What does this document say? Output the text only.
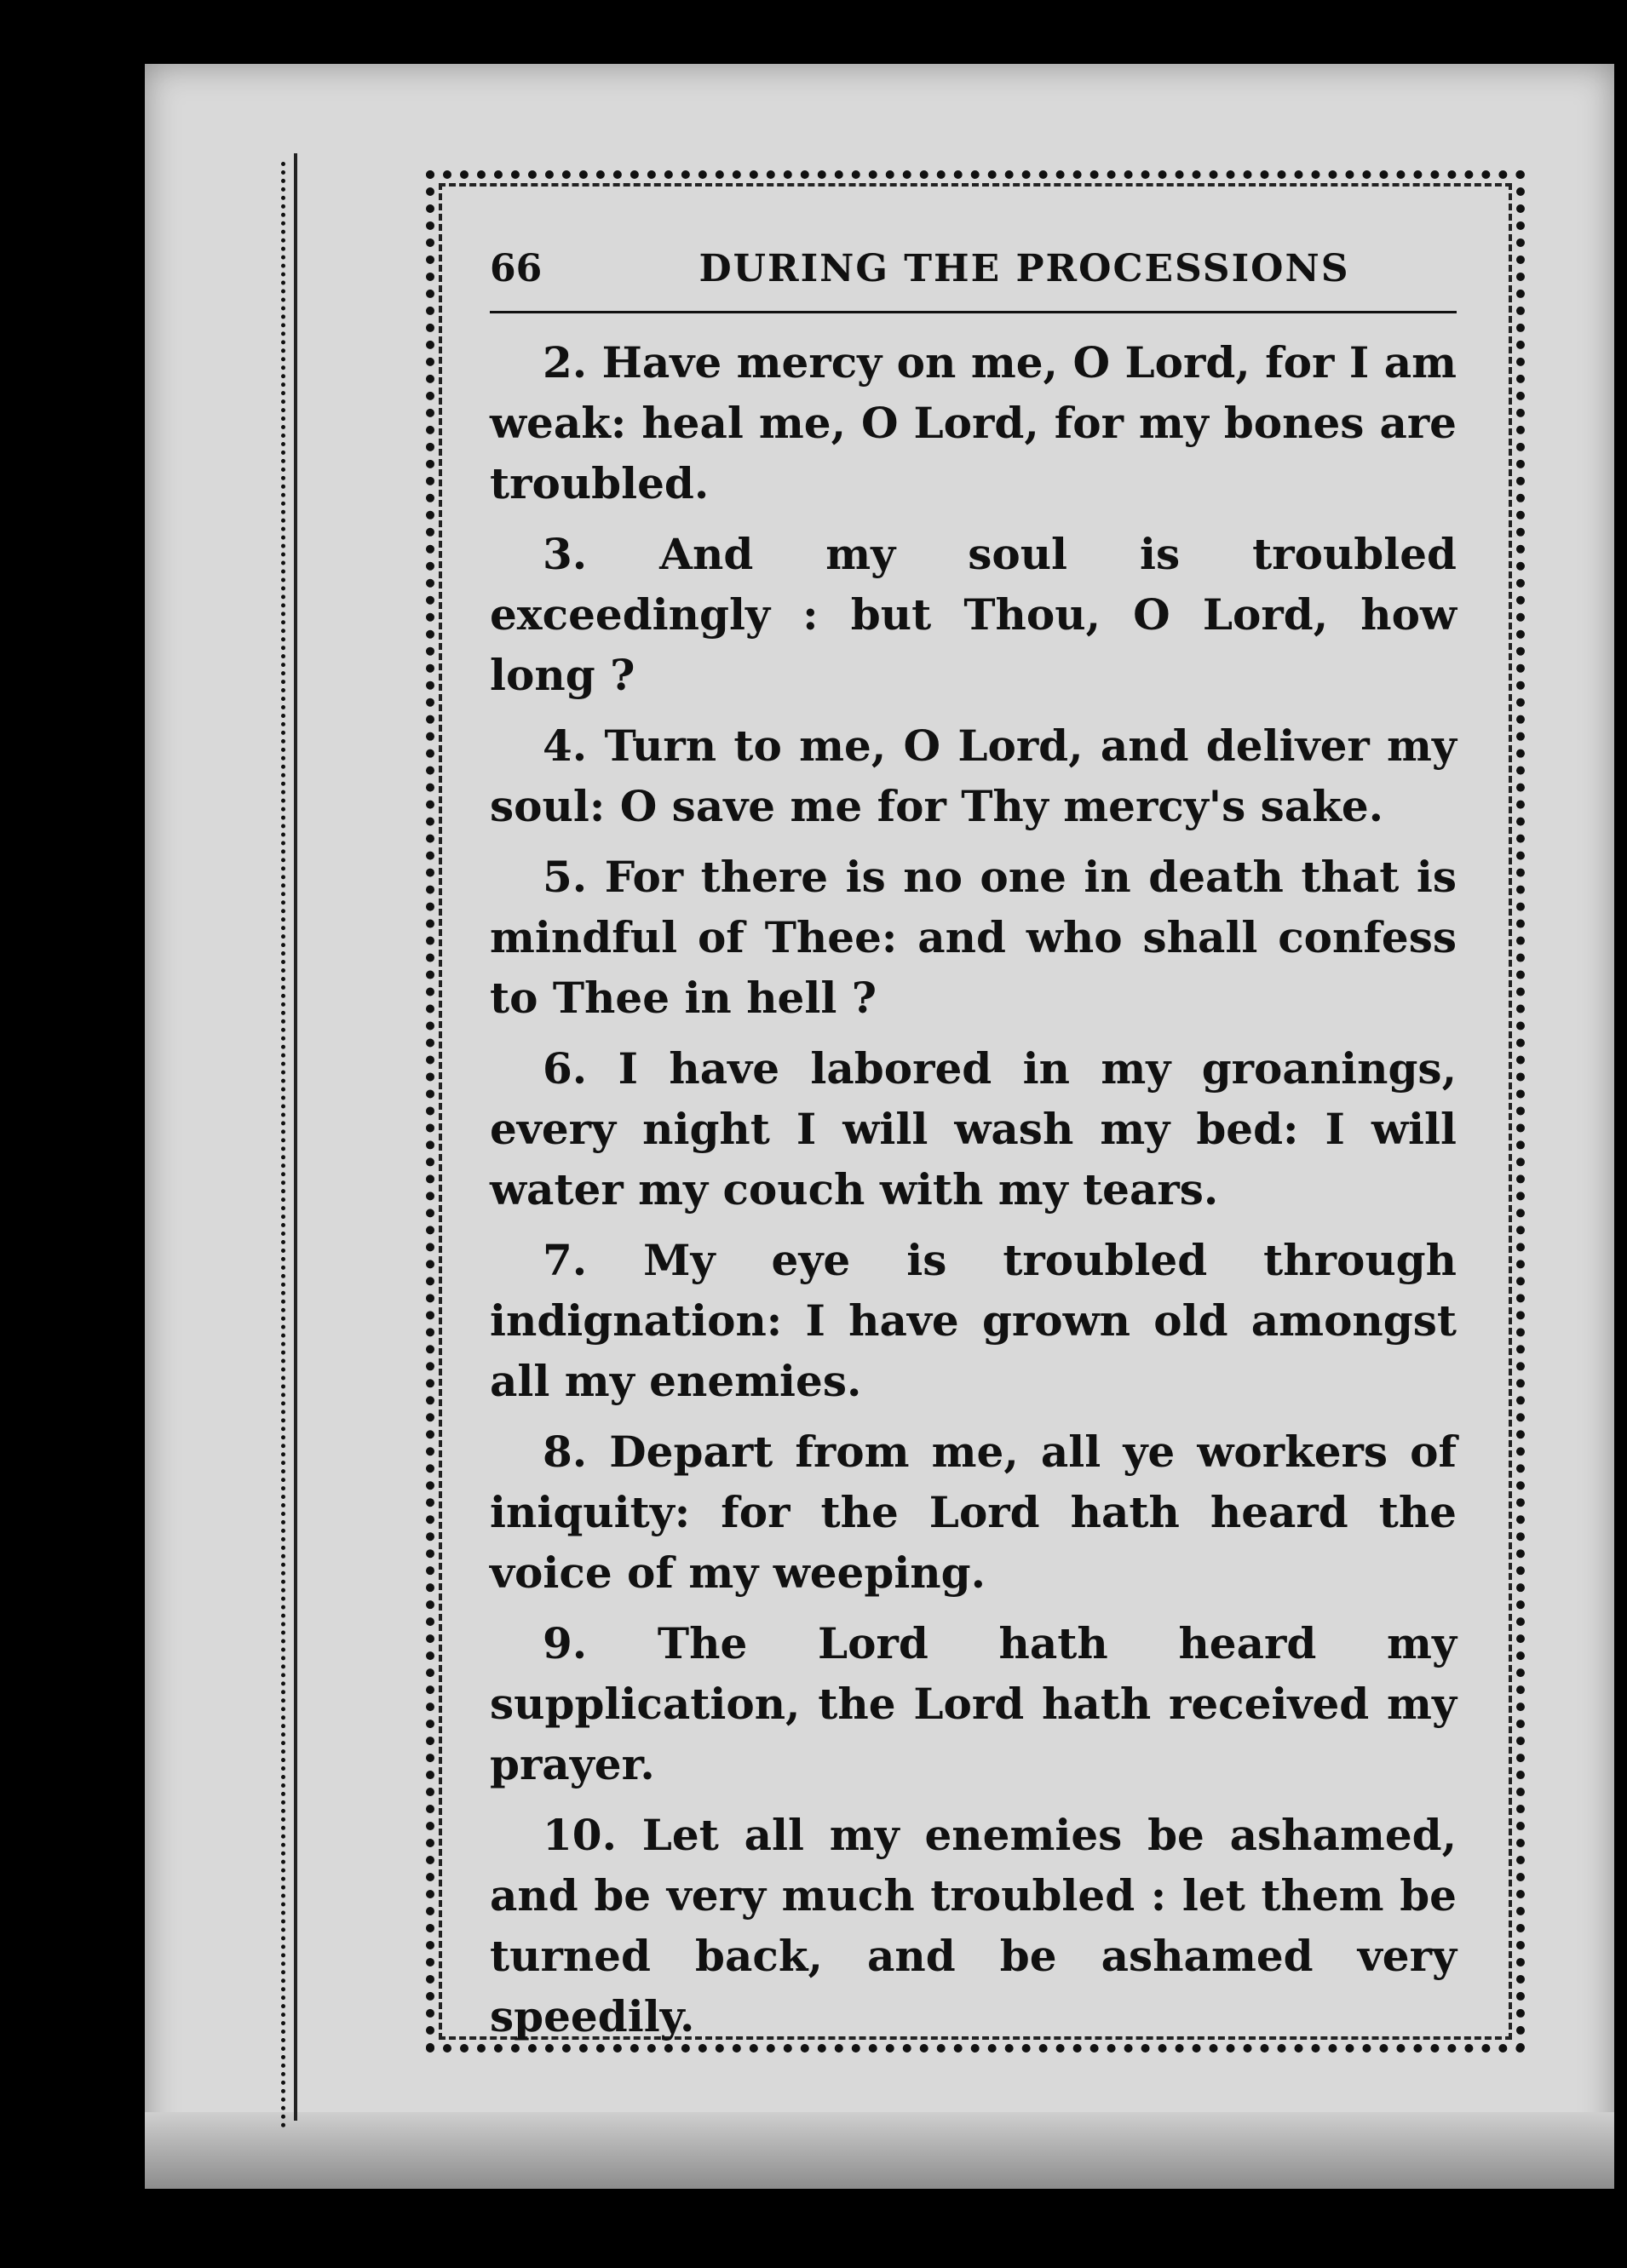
66	DURING THE PROCESSIONS

2. Have mercy on me, O Lord, for I am weak: heal me, O Lord, for my bones are troubled.

3. And my soul is troubled exceedingly : but Thou, O Lord, how long ?

4. Turn to me, O Lord, and deliver my soul: O save me for Thy mercy's sake.

5. For there is no one in death that is mindful of Thee: and who shall confess to Thee in hell ?

6. I have labored in my groanings, every night I will wash my bed: I will water my couch with my tears.

7. My eye is troubled through indignation: I have grown old amongst all my enemies.

8. Depart from me, all ye workers of iniquity: for the Lord hath heard the voice of my weeping.

9. The Lord hath heard my supplication, the Lord hath received my prayer.

10. Let all my enemies be ashamed, and be very much troubled : let them be turned back, and be ashamed very speedily.
